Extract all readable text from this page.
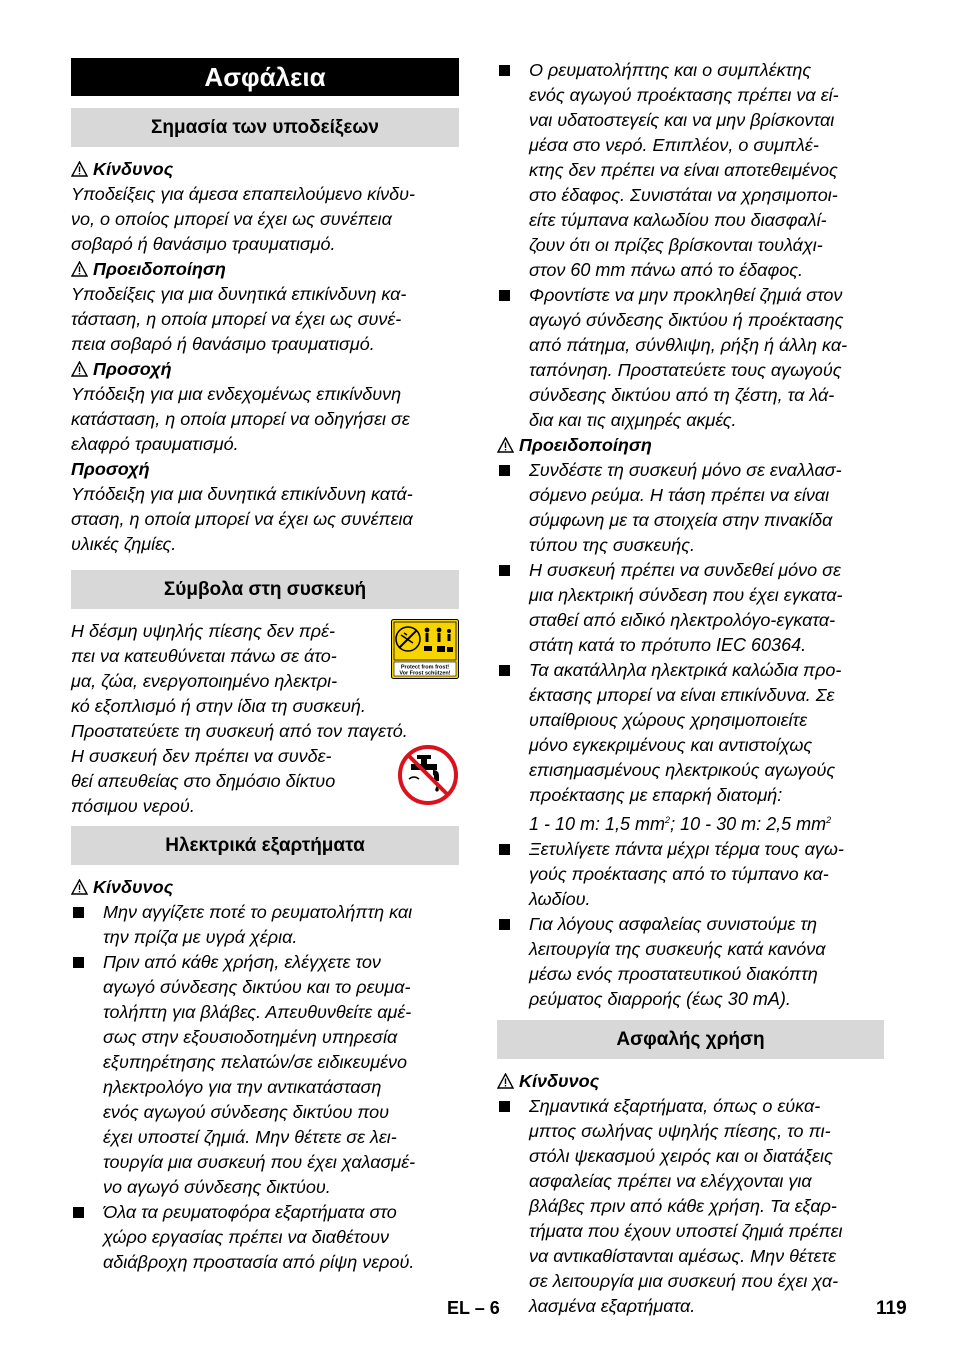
Ασφάλεια
Σημασία των υποδείξεων
Κίνδυνος

Υποδείξεις για άμεσα επαπειλούμενο κίνδυ-

νο, ο οποίος μπορεί να έχει ως συνέπεια

σοβαρό ή θανάσιμο τραυματισμό.

Προειδοποίηση

Υποδείξεις για μια δυνητικά επικίνδυνη κα-

τάσταση, η οποία μπορεί να έχει ως συνέ-

πεια σοβαρό ή θανάσιμο τραυματισμό.

Προσοχή

Υπόδειξη για μια ενδεχομένως επικίνδυνη

κατάσταση, η οποία μπορεί να οδηγήσει σε

ελαφρό τραυματισμό.

Προσοχή

Υπόδειξη για μια δυνητικά επικίνδυνη κατά-

σταση, η οποία μπορεί να έχει ως συνέπεια

υλικές ζημίες.

Σύμβολα στη συσκευή
Protect from frost!
Vor Frost schützen!

Η δέσμη υψηλής πίεσης δεν πρέ-

πει να κατευθύνεται πάνω σε άτο-

μα, ζώα, ενεργοποιημένο ηλεκτρι-

κό εξοπλισμό ή στην ίδια τη συσκευή.

Προστατεύετε τη συσκευή από τον παγετό.

Η συσκευή δεν πρέπει να συνδε-

θεί απευθείας στο δημόσιο δίκτυο

πόσιμου νερού.

Ηλεκτρικά εξαρτήματα
Κίνδυνος
Μην αγγίζετε ποτέ το ρευματολήπτη και
την πρίζα με υγρά χέρια.
Πριν από κάθε χρήση, ελέγχετε τον
αγωγό σύνδεσης δικτύου και το ρευμα-
τολήπτη για βλάβες. Απευθυνθείτε αμέ-
σως στην εξουσιοδοτημένη υπηρεσία
εξυπηρέτησης πελατών/σε ειδικευμένο
ηλεκτρολόγο για την αντικατάσταση
ενός αγωγού σύνδεσης δικτύου που
έχει υποστεί ζημιά. Μην θέτετε σε λει-
τουργία μια συσκευή που έχει χαλασμέ-
νο αγωγό σύνδεσης δικτύου.
Όλα τα ρευματοφόρα εξαρτήματα στο
χώρο εργασίας πρέπει να διαθέτουν
αδιάβροχη προστασία από ρίψη νερού.
Ο ρευματολήπτης και ο συμπλέκτης
ενός αγωγού προέκτασης πρέπει να εί-
ναι υδατοστεγείς και να μην βρίσκονται
μέσα στο νερό. Επιπλέον, ο συμπλέ-
κτης δεν πρέπει να είναι αποτεθειμένος
στο έδαφος. Συνιστάται να χρησιμοποι-
είτε τύμπανα καλωδίου που διασφαλί-
ζουν ότι οι πρίζες βρίσκονται τουλάχι-
στον 60 mm πάνω από το έδαφος.
Φροντίστε να μην προκληθεί ζημιά στον
αγωγό σύνδεσης δικτύου ή προέκτασης
από πάτημα, σύνθλιψη, ρήξη ή άλλη κα-
ταπόνηση. Προστατεύετε τους αγωγούς
σύνδεσης δικτύου από τη ζέστη, τα λά-
δια και τις αιχμηρές ακμές.
Προειδοποίηση
Συνδέστε τη συσκευή μόνο σε εναλλασ-
σόμενο ρεύμα. Η τάση πρέπει να είναι
σύμφωνη με τα στοιχεία στην πινακίδα
τύπου της συσκευής.
Η συσκευή πρέπει να συνδεθεί μόνο σε
μια ηλεκτρική σύνδεση που έχει εγκατα-
σταθεί από ειδικό ηλεκτρολόγο-εγκατα-
στάτη κατά το πρότυπο IEC 60364.
Τα ακατάλληλα ηλεκτρικά καλώδια προ-
έκτασης μπορεί να είναι επικίνδυνα. Σε
υπαίθριους χώρους χρησιμοποιείτε
μόνο εγκεκριμένους και αντιστοίχως
επισημασμένους ηλεκτρικούς αγωγούς
προέκτασης με επαρκή διατομή:
1 - 10 m: 1,5 $mm^2$; 10 - 30 m: 2,5 $mm^2$
Ξετυλίγετε πάντα μέχρι τέρμα τους αγω-
γούς προέκτασης από το τύμπανο κα-
λωδίου.
Για λόγους ασφαλείας συνιστούμε τη
λειτουργία της συσκευής κατά κανόνα
μέσω ενός προστατευτικού διακόπτη
ρεύματος διαρροής (έως 30 mA).
Ασφαλής χρήση
Κίνδυνος
Σημαντικά εξαρτήματα, όπως ο εύκα-
μπτος σωλήνας υψηλής πίεσης, το πι-
στόλι ψεκασμού χειρός και οι διατάξεις
ασφαλείας πρέπει να ελέγχονται για
βλάβες πριν από κάθε χρήση. Τα εξαρ-
τήματα που έχουν υποστεί ζημιά πρέπει
να αντικαθίστανται αμέσως. Μην θέτετε
σε λειτουργία μια συσκευή που έχει χα-
λασμένα εξαρτήματα.
EL – 6	119
